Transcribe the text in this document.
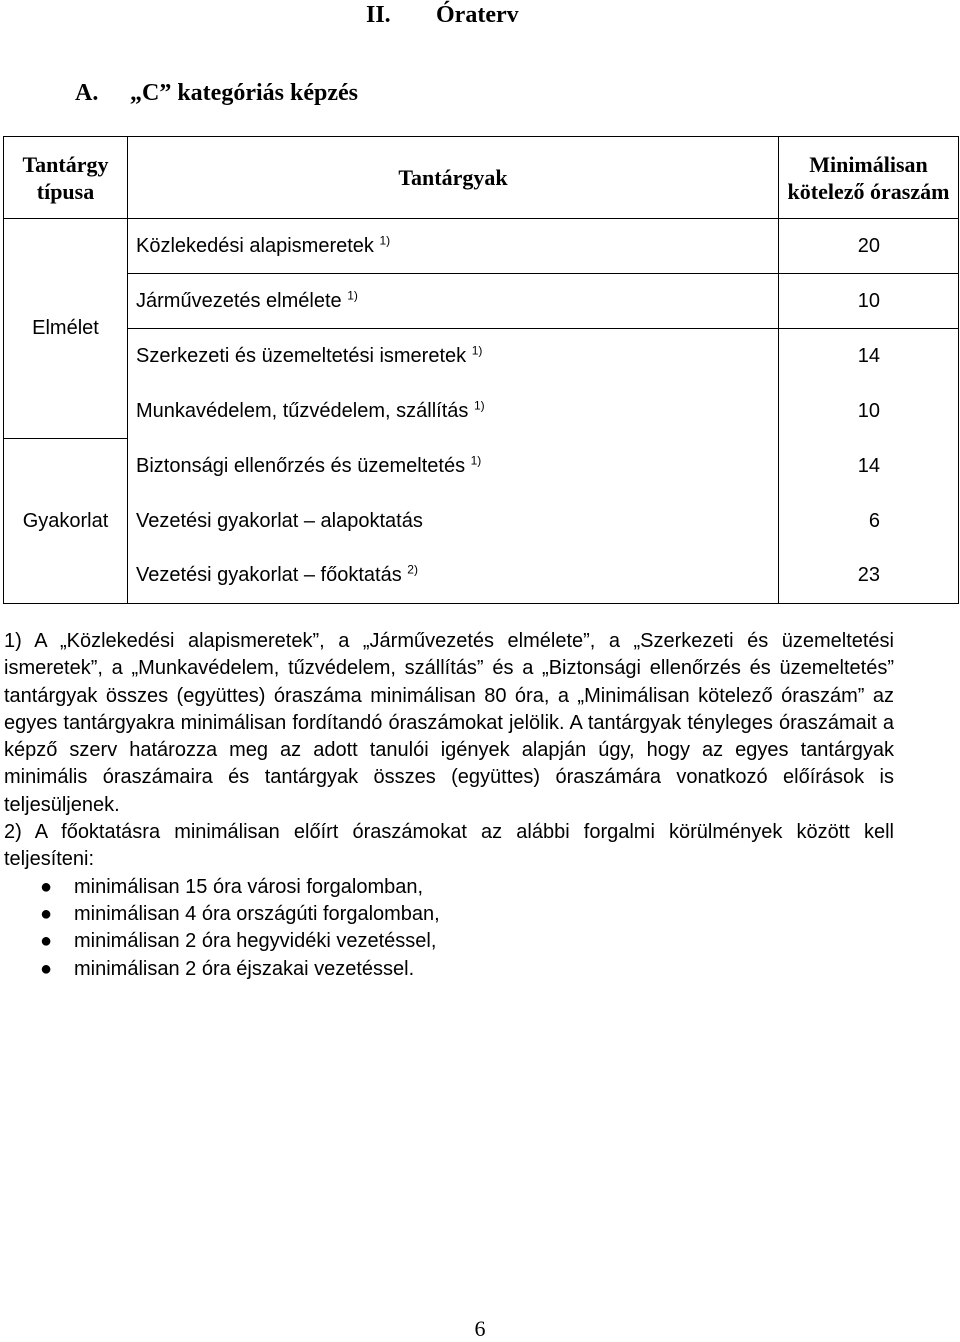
II. Óraterv
A. „C” kategóriás képzés
Tantárgy típusa	Tantárgyak	Minimálisan kötelező óraszám
Elmélet	Közlekedési alapismeretek $^{1)}$	20
	Járművezetés elmélete $^{1)}$	10
	Szerkezeti és üzemeltetési ismeretek $^{1)}$	14
	Munkavédelem, tűzvédelem, szállítás $^{1)}$	10
Gyakorlat	Biztonsági ellenőrzés és üzemeltetés $^{1)}$	14
	Vezetési gyakorlat – alapoktatás	6
	Vezetési gyakorlat – főoktatás $^{2)}$	23

1) A „Közlekedési alapismeretek”, a „Járművezetés elmélete”, a „Szerkezeti és üzemeltetési ismeretek”, a „Munkavédelem, tűzvédelem, szállítás” és a „Biztonsági ellenőrzés és üzemeltetés” tantárgyak összes (együttes) óraszáma minimálisan 80 óra, a „Minimálisan kötelező óraszám” az egyes tantárgyakra minimálisan fordítandó óraszámokat jelölik. A tantárgyak tényleges óraszámait a képző szerv határozza meg az adott tanulói igények alapján úgy, hogy az egyes tantárgyak minimális óraszámaira és tantárgyak összes (együttes) óraszámára vonatkozó előírások is teljesüljenek.

2) A főoktatásra minimálisan előírt óraszámokat az alábbi forgalmi körülmények között kell teljesíteni:

● minimálisan 15 óra városi forgalomban,
● minimálisan 4 óra országúti forgalomban,
● minimálisan 2 óra hegyvidéki vezetéssel,
● minimálisan 2 óra éjszakai vezetéssel.
6
